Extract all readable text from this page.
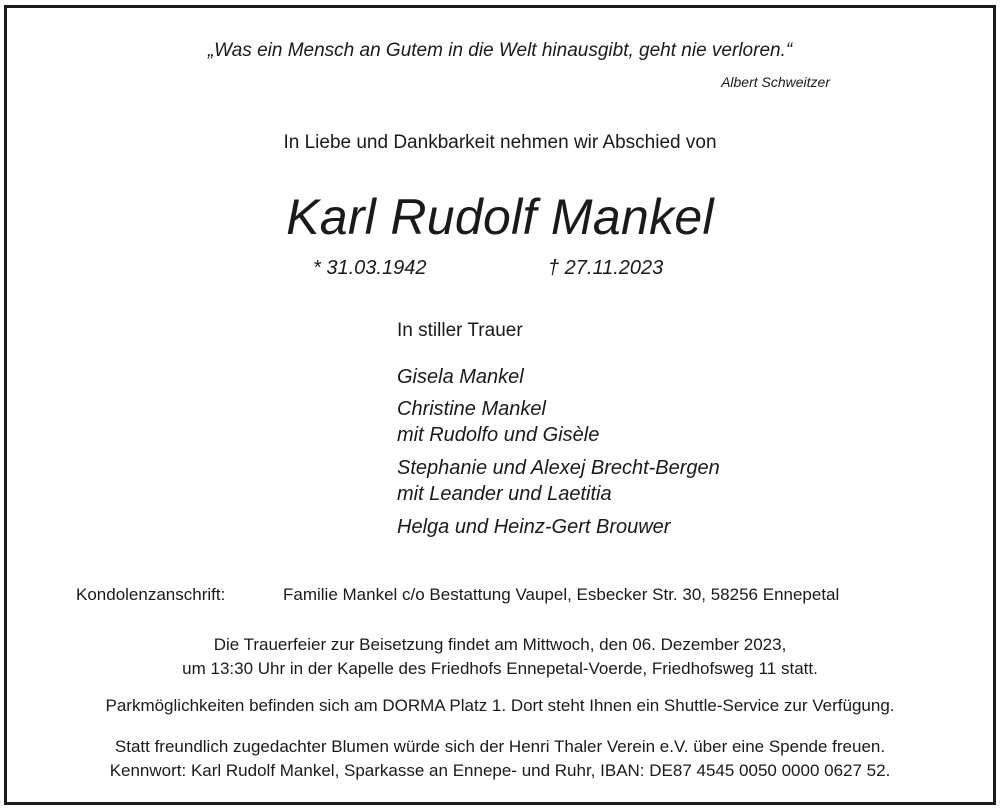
„Was ein Mensch an Gutem in die Welt hinausgibt, geht nie verloren.“
Albert Schweitzer
In Liebe und Dankbarkeit nehmen wir Abschied von
Karl Rudolf Mankel
* 31.03.1942	† 27.11.2023
In stiller Trauer
Gisela Mankel
Christine Mankel
mit Rudolfo und Gisèle
Stephanie und Alexej Brecht-Bergen
mit Leander und Laetitia
Helga und Heinz-Gert Brouwer
Kondolenzanschrift:	Familie Mankel c/o Bestattung Vaupel, Esbecker Str. 30, 58256 Ennepetal
Die Trauerfeier zur Beisetzung findet am Mittwoch, den 06. Dezember 2023,
um 13:30 Uhr in der Kapelle des Friedhofs Ennepetal-Voerde, Friedhofsweg 11 statt.
Parkmöglichkeiten befinden sich am DORMA Platz 1. Dort steht Ihnen ein Shuttle-Service zur Verfügung.
Statt freundlich zugedachter Blumen würde sich der Henri Thaler Verein e.V. über eine Spende freuen.
Kennwort: Karl Rudolf Mankel, Sparkasse an Ennepe- und Ruhr, IBAN: DE87 4545 0050 0000 0627 52.
